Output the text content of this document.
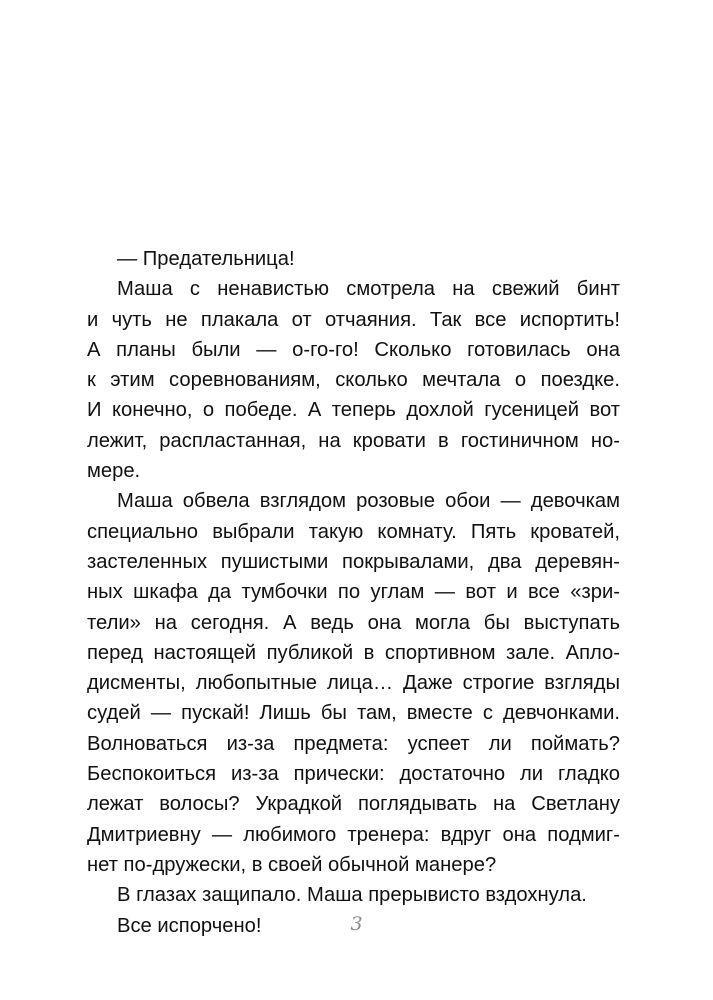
— Предательница!
Маша с ненавистью смотрела на свежий бинт
и чуть не плакала от отчаяния. Так все испортить!
А планы были — о-го-го! Сколько готовилась она
к этим соревнованиям, сколько мечтала о поездке.
И конечно, о победе. А теперь дохлой гусеницей вот
лежит, распластанная, на кровати в гостиничном но-
мере.
Маша обвела взглядом розовые обои — девочкам
специально выбрали такую комнату. Пять кроватей,
застеленных пушистыми покрывалами, два деревян-
ных шкафа да тумбочки по углам — вот и все «зри-
тели» на сегодня. А ведь она могла бы выступать
перед настоящей публикой в спортивном зале. Апло-
дисменты, любопытные лица… Даже строгие взгляды
судей — пускай! Лишь бы там, вместе с девчонками.
Волноваться из-за предмета: успеет ли поймать?
Беспокоиться из-за прически: достаточно ли гладко
лежат волосы? Украдкой поглядывать на Светлану
Дмитриевну — любимого тренера: вдруг она подмиг-
нет по-дружески, в своей обычной манере?
В глазах защипало. Маша прерывисто вздохнула.
Все испорчено!	3
